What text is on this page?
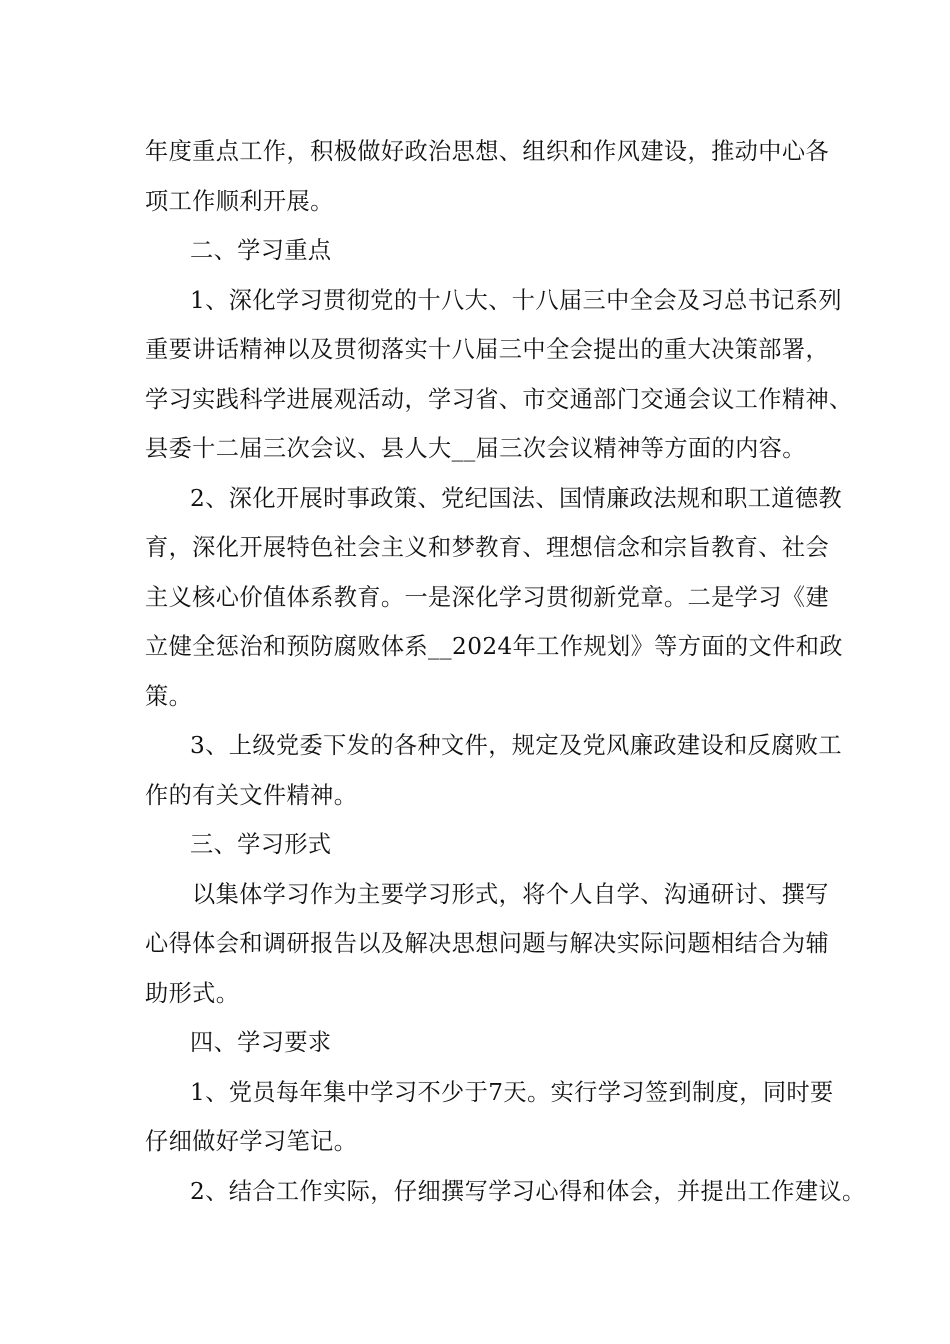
年度重点工作，积极做好政治思想、组织和作风建设，推动中心各
项工作顺利开展。
二、学习重点
1、深化学习贯彻党的十八大、十八届三中全会及习总书记系列
重要讲话精神以及贯彻落实十八届三中全会提出的重大决策部署，
学习实践科学进展观活动，学习省、市交通部门交通会议工作精神、
县委十二届三次会议、县人大__届三次会议精神等方面的内容。
2、深化开展时事政策、党纪国法、国情廉政法规和职工道德教
育，深化开展特色社会主义和梦教育、理想信念和宗旨教育、社会
主义核心价值体系教育。一是深化学习贯彻新党章。二是学习《建
立健全惩治和预防腐败体系__2024年工作规划》等方面的文件和政
策。
3、上级党委下发的各种文件，规定及党风廉政建设和反腐败工
作的有关文件精神。
三、学习形式
以集体学习作为主要学习形式，将个人自学、沟通研讨、撰写
心得体会和调研报告以及解决思想问题与解决实际问题相结合为辅
助形式。
四、学习要求
1、党员每年集中学习不少于7天。实行学习签到制度，同时要
仔细做好学习笔记。
2、结合工作实际，仔细撰写学习心得和体会，并提出工作建议。
